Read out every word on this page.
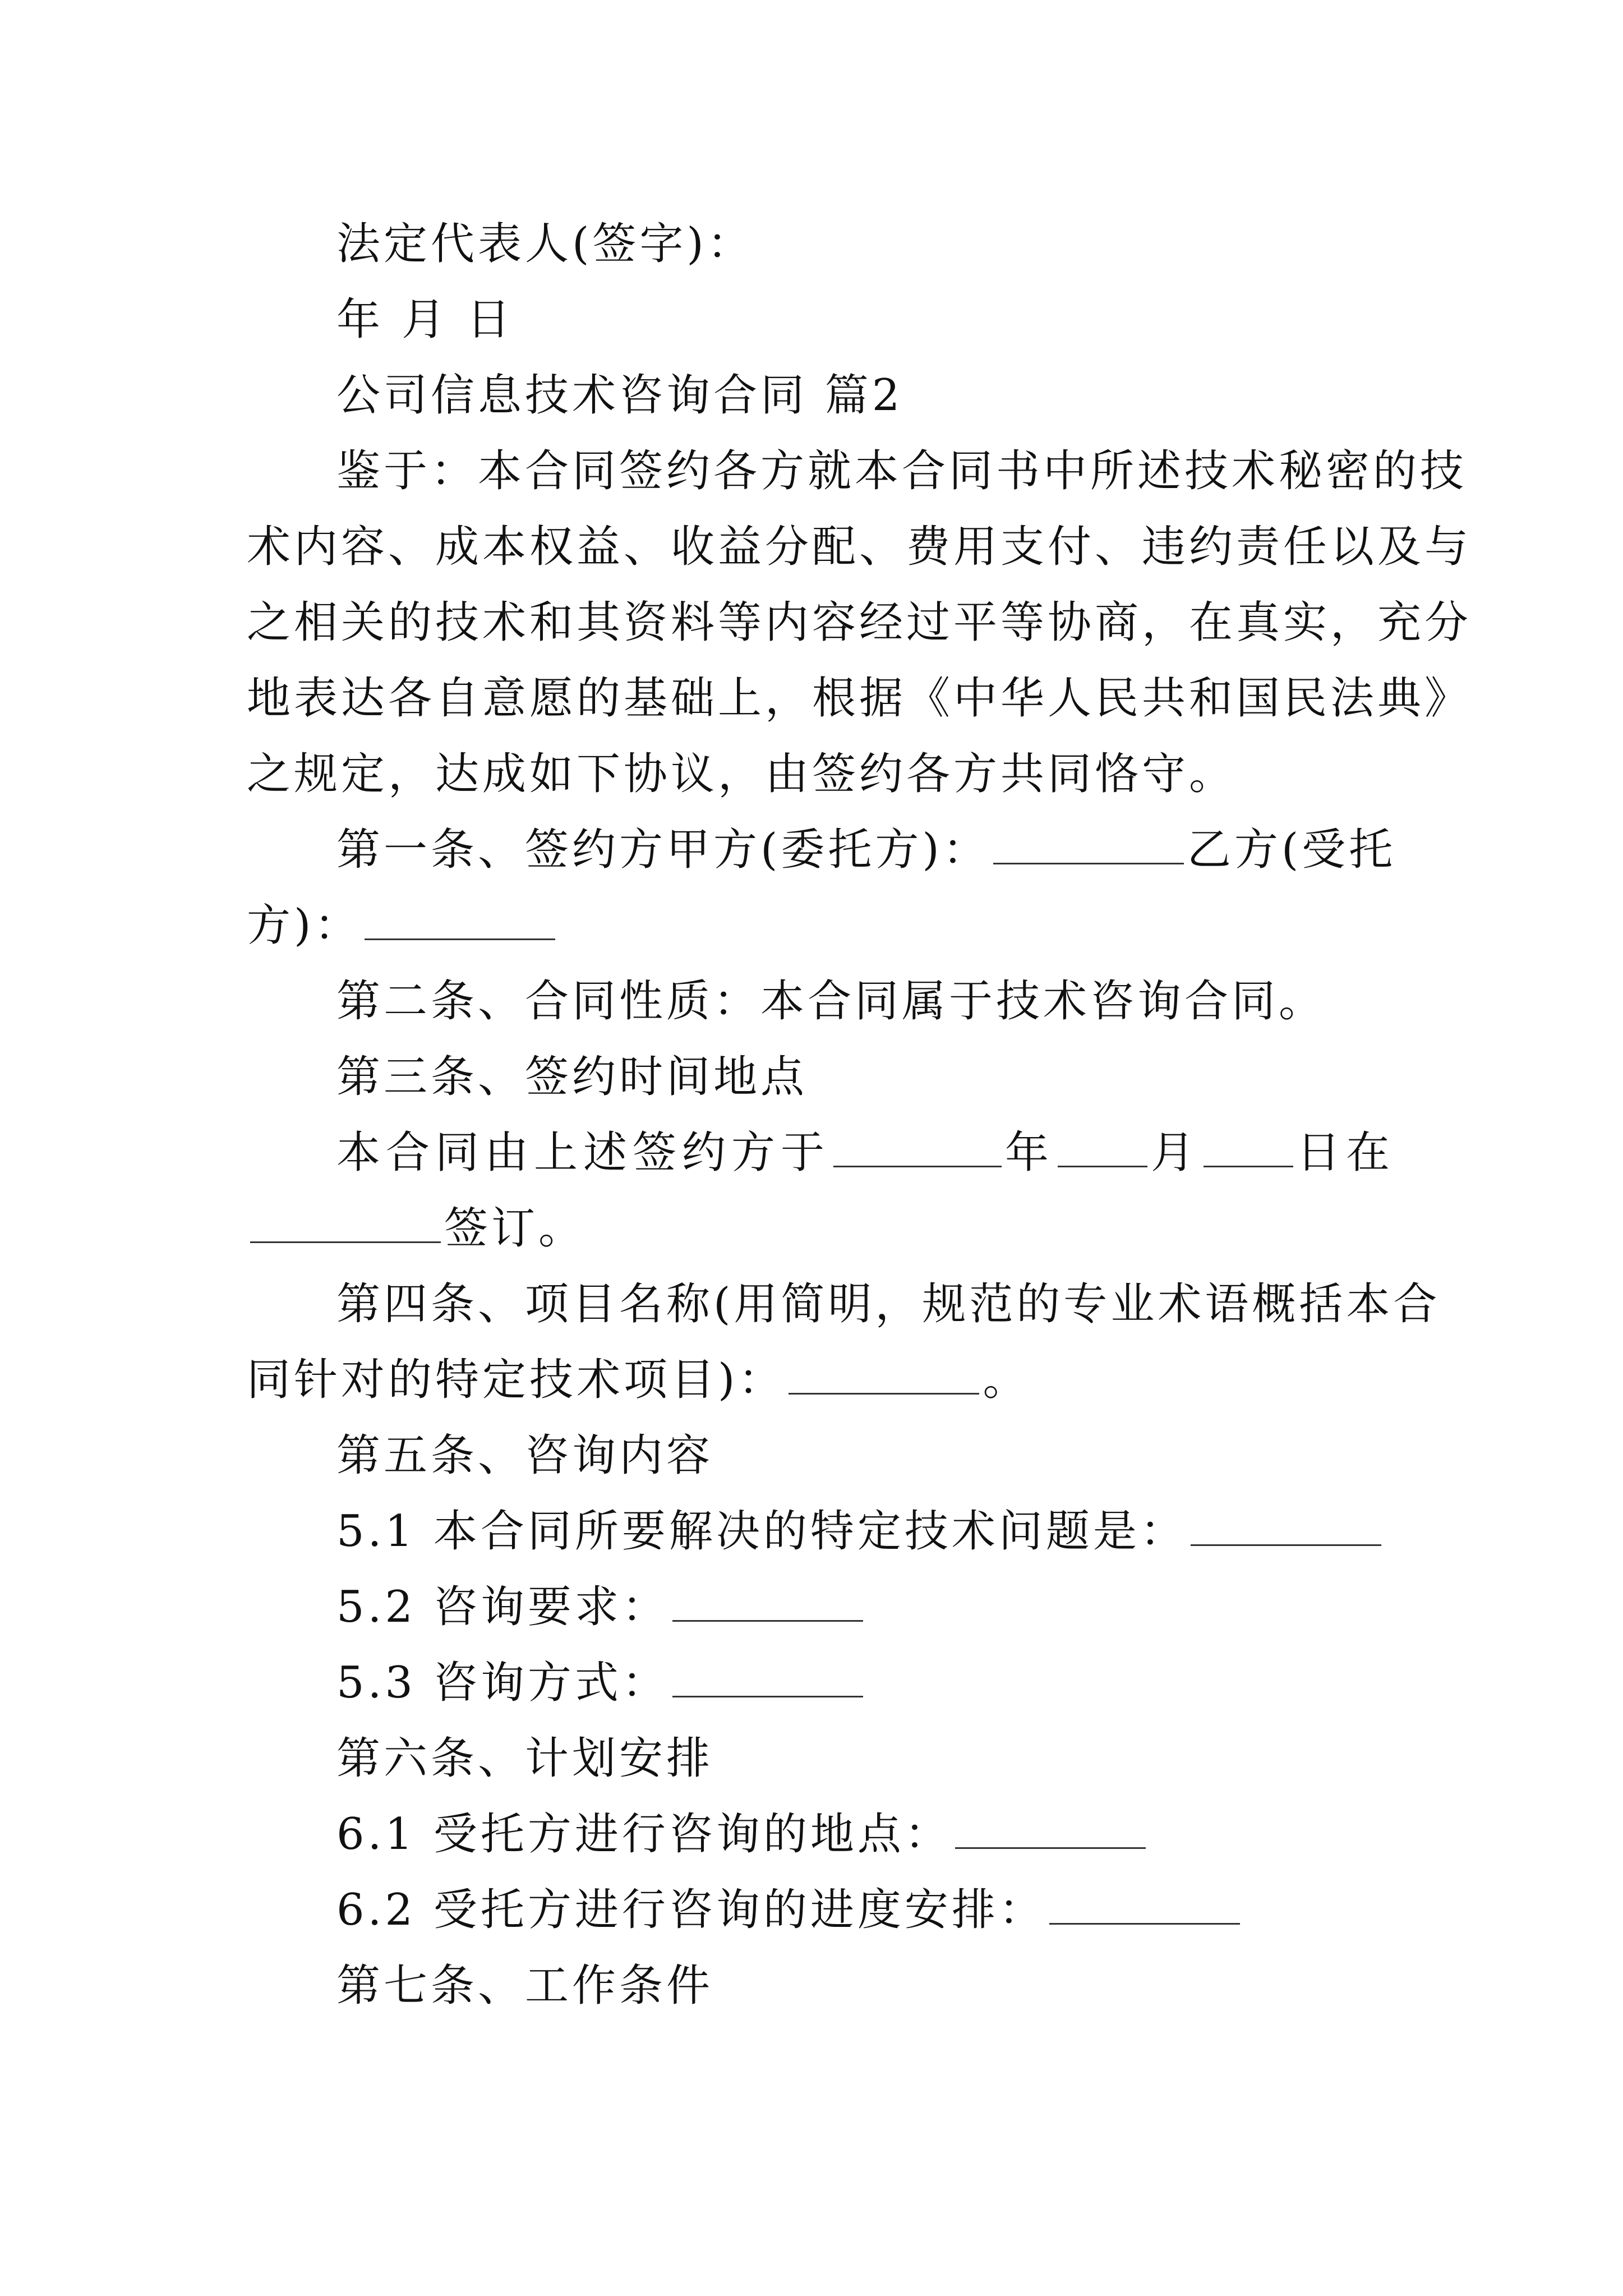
法定代表人(签字)：
年 月 日
公司信息技术咨询合同 篇2
鉴于：本合同签约各方就本合同书中所述技术秘密的技
术内容、成本权益、收益分配、费用支付、违约责任以及与
之相关的技术和其资料等内容经过平等协商，在真实，充分
地表达各自意愿的基础上，根据《中华人民共和国民法典》
之规定，达成如下协议，由签约各方共同恪守。
第一条、签约方甲方(委托方)：	乙方(受托
方)：
第二条、合同性质：本合同属于技术咨询合同。
第三条、签约时间地点
本合同由上述签约方于	年 月 日在
签订。
第四条、项目名称(用简明，规范的专业术语概括本合
同针对的特定技术项目)：	。
第五条、咨询内容
5.1 本合同所要解决的特定技术问题是：
5.2 咨询要求：
5.3 咨询方式：
第六条、计划安排
6.1 受托方进行咨询的地点：
6.2 受托方进行咨询的进度安排：
第七条、工作条件
